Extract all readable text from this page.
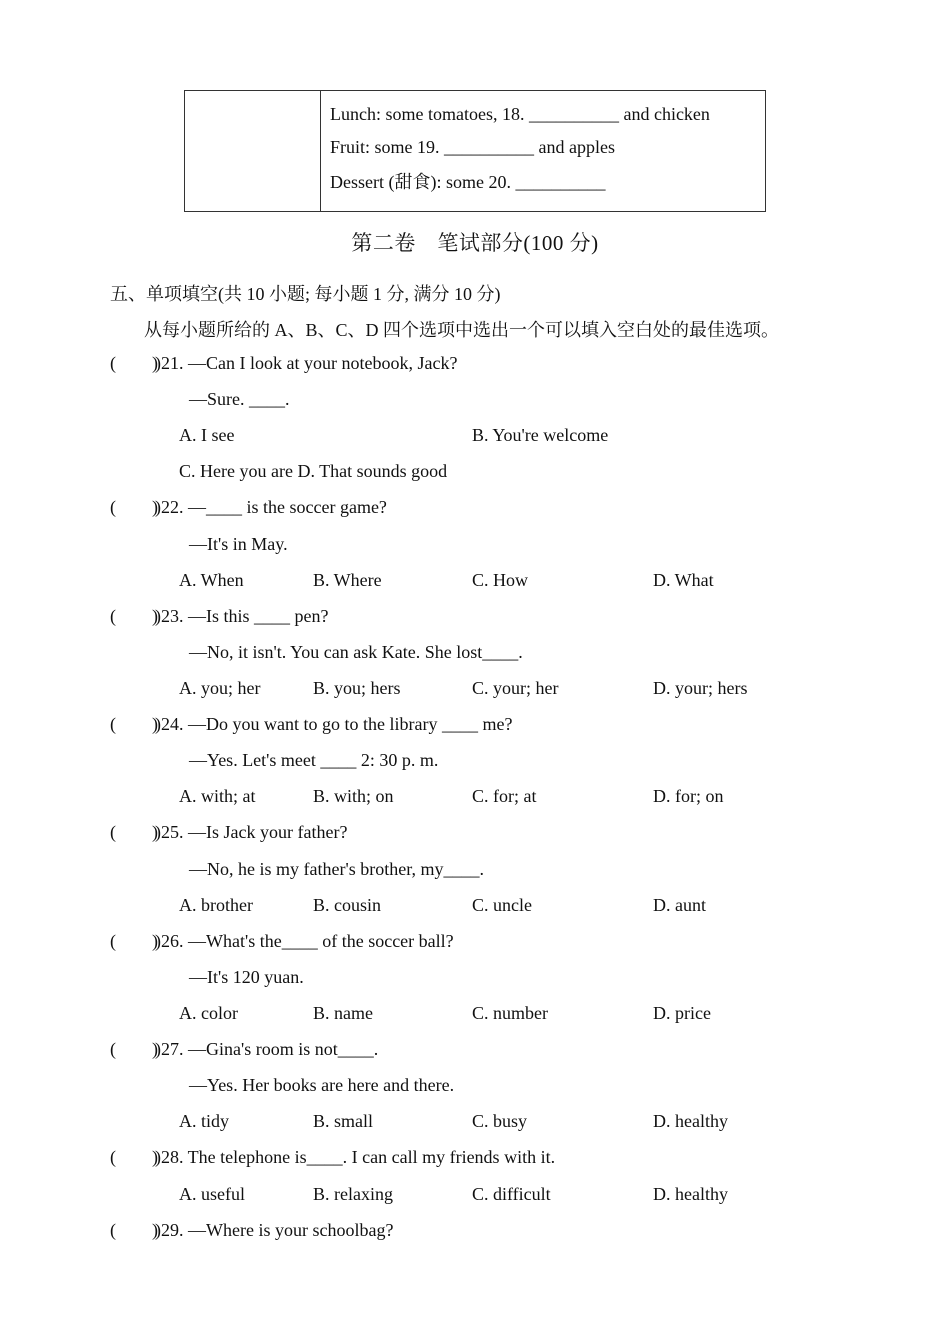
Lunch: some tomatoes, 18. __________ and chicken
Fruit: some 19. __________ and apples
Dessert (甜食): some 20. __________
第二卷　笔试部分(100 分)
五、单项填空(共 10 小题; 每小题 1 分, 满分 10 分)
从每小题所给的 A、B、C、D 四个选项中选出一个可以填入空白处的最佳选项。
(　　)
)21. —Can I look at your notebook, Jack?
—Sure. ____.
A. I see	B. You're welcome
C. Here you are D. That sounds good
(　　)
)22. —____ is the soccer game?
—It's in May.
A. When	B. Where	C. How	D. What
(　　)
)23. —Is this ____ pen?
—No, it isn't. You can ask Kate. She lost____.
A. you; her	B. you; hers	C. your; her	D. your; hers
(　　)
)24. —Do you want to go to the library ____ me?
—Yes. Let's meet ____ 2: 30 p. m.
A. with; at	B. with; on	C. for; at	D. for; on
(　　)
)25. —Is Jack your father?
—No, he is my father's brother, my____.
A. brother	B. cousin	C. uncle	D. aunt
(　　)
)26. —What's the____ of the soccer ball?
—It's 120 yuan.
A. color	B. name	C. number	D. price
(　　)
)27. —Gina's room is not____.
—Yes. Her books are here and there.
A. tidy	B. small	C. busy	D. healthy
(　　)
)28. The telephone is____. I can call my friends with it.
A. useful	B. relaxing	C. difficult	D. healthy
(　　)
)29. —Where is your schoolbag?
